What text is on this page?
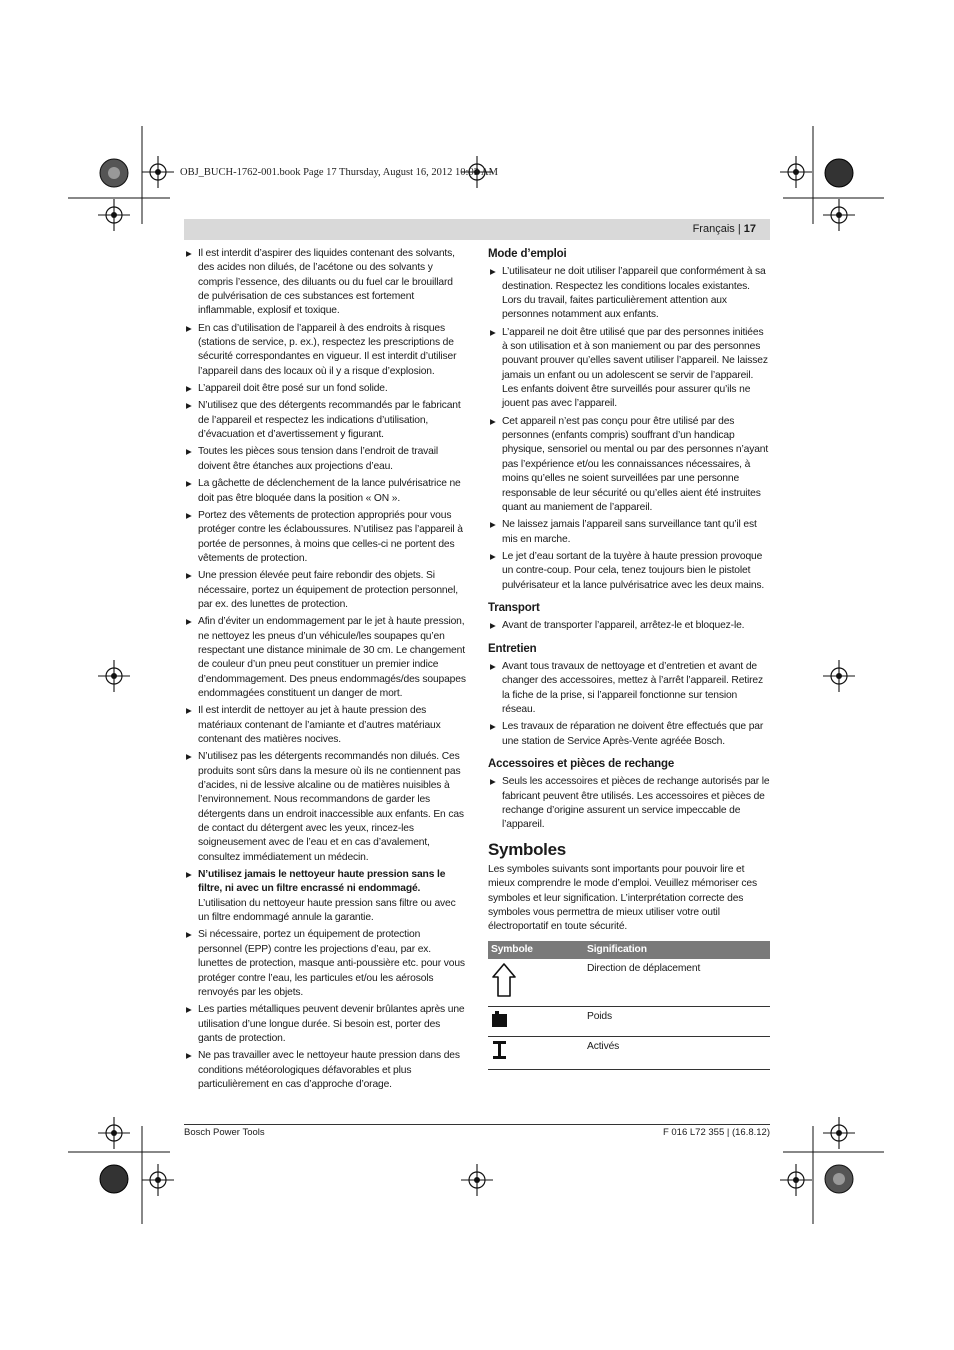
OBJ_BUCH-1762-001.book Page 17 Thursday, August 16, 2012 10:03 AM
Français | 17
▶ Il est interdit d’aspirer des liquides contenant des solvants, des acides non dilués, de l’acétone ou des solvants y compris l’essence, des diluants ou du fuel car le brouillard de pulvérisation de ces substances est fortement inflammable, explosif et toxique.
▶ En cas d’utilisation de l’appareil à des endroits à risques (stations de service, p. ex.), respectez les prescriptions de sécurité correspondantes en vigueur. Il est interdit d’utiliser l’appareil dans des locaux où il y a risque d’explosion.
▶ L’appareil doit être posé sur un fond solide.
▶ N’utilisez que des détergents recommandés par le fabricant de l’appareil et respectez les indications d’utilisation, d’évacuation et d’avertissement y figurant.
▶ Toutes les pièces sous tension dans l’endroit de travail doivent être étanches aux projections d’eau.
▶ La gâchette de déclenchement de la lance pulvérisatrice ne doit pas être bloquée dans la position « ON ».
▶ Portez des vêtements de protection appropriés pour vous protéger contre les éclaboussures. N’utilisez pas l’appareil à portée de personnes, à moins que celles-ci ne portent des vêtements de protection.
▶ Une pression élevée peut faire rebondir des objets. Si nécessaire, portez un équipement de protection personnel, par ex. des lunettes de protection.
▶ Afin d’éviter un endommagement par le jet à haute pression, ne nettoyez les pneus d’un véhicule/les soupapes qu’en respectant une distance minimale de 30 cm. Le changement de couleur d’un pneu peut constituer un premier indice d’endommagement. Des pneus endommagés/des soupapes endommagées constituent un danger de mort.
▶ Il est interdit de nettoyer au jet à haute pression des matériaux contenant de l’amiante et d’autres matériaux contenant des matières nocives.
▶ N’utilisez pas les détergents recommandés non dilués. Ces produits sont sûrs dans la mesure où ils ne contiennent pas d’acides, ni de lessive alcaline ou de matières nuisibles à l’environnement. Nous recommandons de garder les détergents dans un endroit inaccessible aux enfants. En cas de contact du détergent avec les yeux, rincez-les soigneusement avec de l’eau et en cas d’avalement, consultez immédiatement un médecin.
▶ N’utilisez jamais le nettoyeur haute pression sans le filtre, ni avec un filtre encrassé ni endommagé. L’utilisation du nettoyeur haute pression sans filtre ou avec un filtre endommagé annule la garantie.
▶ Si nécessaire, portez un équipement de protection personnel (EPP) contre les projections d’eau, par ex. lunettes de protection, masque anti-poussière etc. pour vous protéger contre l’eau, les particules et/ou les aérosols renvoyés par les objets.
▶ Les parties métalliques peuvent devenir brûlantes après une utilisation d’une longue durée. Si besoin est, porter des gants de protection.
▶ Ne pas travailler avec le nettoyeur haute pression dans des conditions météorologiques défavorables et plus particulièrement en cas d’approche d’orage.
Mode d’emploi
▶ L’utilisateur ne doit utiliser l’appareil que conformément à sa destination. Respectez les conditions locales existantes. Lors du travail, faites particulièrement attention aux personnes notamment aux enfants.
▶ L’appareil ne doit être utilisé que par des personnes initiées à son utilisation et à son maniement ou par des personnes pouvant prouver qu’elles savent utiliser l’appareil. Ne laissez jamais un enfant ou un adolescent se servir de l’appareil. Les enfants doivent être surveillés pour assurer qu’ils ne jouent pas avec l’appareil.
▶ Cet appareil n’est pas conçu pour être utilisé par des personnes (enfants compris) souffrant d’un handicap physique, sensoriel ou mental ou par des personnes n’ayant pas l’expérience et/ou les connaissances nécessaires, à moins qu’elles ne soient surveillées par une personne responsable de leur sécurité ou qu’elles aient été instruites quant au maniement de l’appareil.
▶ Ne laissez jamais l’appareil sans surveillance tant qu’il est mis en marche.
▶ Le jet d’eau sortant de la tuyère à haute pression provoque un contre-coup. Pour cela, tenez toujours bien le pistolet pulvérisateur et la lance pulvérisatrice avec les deux mains.
Transport
▶ Avant de transporter l’appareil, arrêtez-le et bloquez-le.
Entretien
▶ Avant tous travaux de nettoyage et d’entretien et avant de changer des accessoires, mettez à l’arrêt l’appareil. Retirez la fiche de la prise, si l’appareil fonctionne sur tension réseau.
▶ Les travaux de réparation ne doivent être effectués que par une station de Service Après-Vente agréée Bosch.
Accessoires et pièces de rechange
▶ Seuls les accessoires et pièces de rechange autorisés par le fabricant peuvent être utilisés. Les accessoires et pièces de rechange d’origine assurent un service impeccable de l’appareil.
Symboles

Les symboles suivants sont importants pour pouvoir lire et mieux comprendre le mode d’emploi. Veuillez mémoriser ces symboles et leur signification. L’interprétation correcte des symboles vous permettra de mieux utiliser votre outil électroportatif en toute sécurité.

Symbole	Signification
	Direction de déplacement
	Poids
	Activés
Bosch Power Tools	F 016 L72 355 | (16.8.12)
